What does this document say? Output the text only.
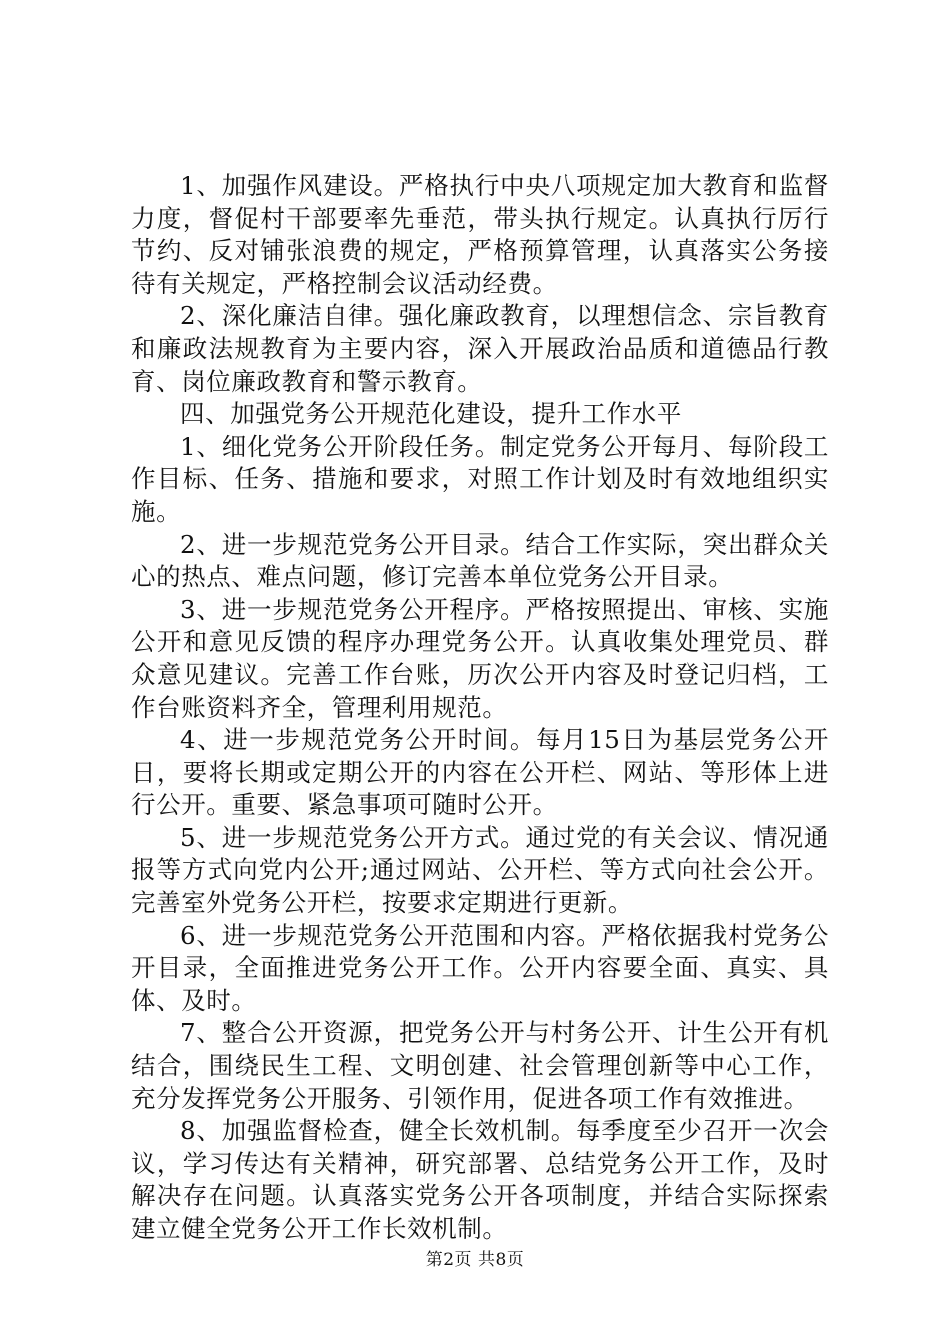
1、加强作风建设。严格执行中央八项规定加大教育和监督力度，督促村干部要率先垂范，带头执行规定。认真执行厉行节约、反对铺张浪费的规定，严格预算管理，认真落实公务接待有关规定，严格控制会议活动经费。

2、深化廉洁自律。强化廉政教育，以理想信念、宗旨教育和廉政法规教育为主要内容，深入开展政治品质和道德品行教育、岗位廉政教育和警示教育。

四、加强党务公开规范化建设，提升工作水平

1、细化党务公开阶段任务。制定党务公开每月、每阶段工作目标、任务、措施和要求，对照工作计划及时有效地组织实施。

2、进一步规范党务公开目录。结合工作实际，突出群众关心的热点、难点问题，修订完善本单位党务公开目录。

3、进一步规范党务公开程序。严格按照提出、审核、实施公开和意见反馈的程序办理党务公开。认真收集处理党员、群众意见建议。完善工作台账，历次公开内容及时登记归档，工作台账资料齐全，管理利用规范。

4、进一步规范党务公开时间。每月15日为基层党务公开日，要将长期或定期公开的内容在公开栏、网站、等形体上进行公开。重要、紧急事项可随时公开。

5、进一步规范党务公开方式。通过党的有关会议、情况通报等方式向党内公开;通过网站、公开栏、等方式向社会公开。完善室外党务公开栏，按要求定期进行更新。

6、进一步规范党务公开范围和内容。严格依据我村党务公开目录，全面推进党务公开工作。公开内容要全面、真实、具体、及时。

7、整合公开资源，把党务公开与村务公开、计生公开有机结合，围绕民生工程、文明创建、社会管理创新等中心工作，充分发挥党务公开服务、引领作用，促进各项工作有效推进。

8、加强监督检查，健全长效机制。每季度至少召开一次会议，学习传达有关精神，研究部署、总结党务公开工作，及时解决存在问题。认真落实党务公开各项制度，并结合实际探索建立健全党务公开工作长效机制。

第2页 共8页
